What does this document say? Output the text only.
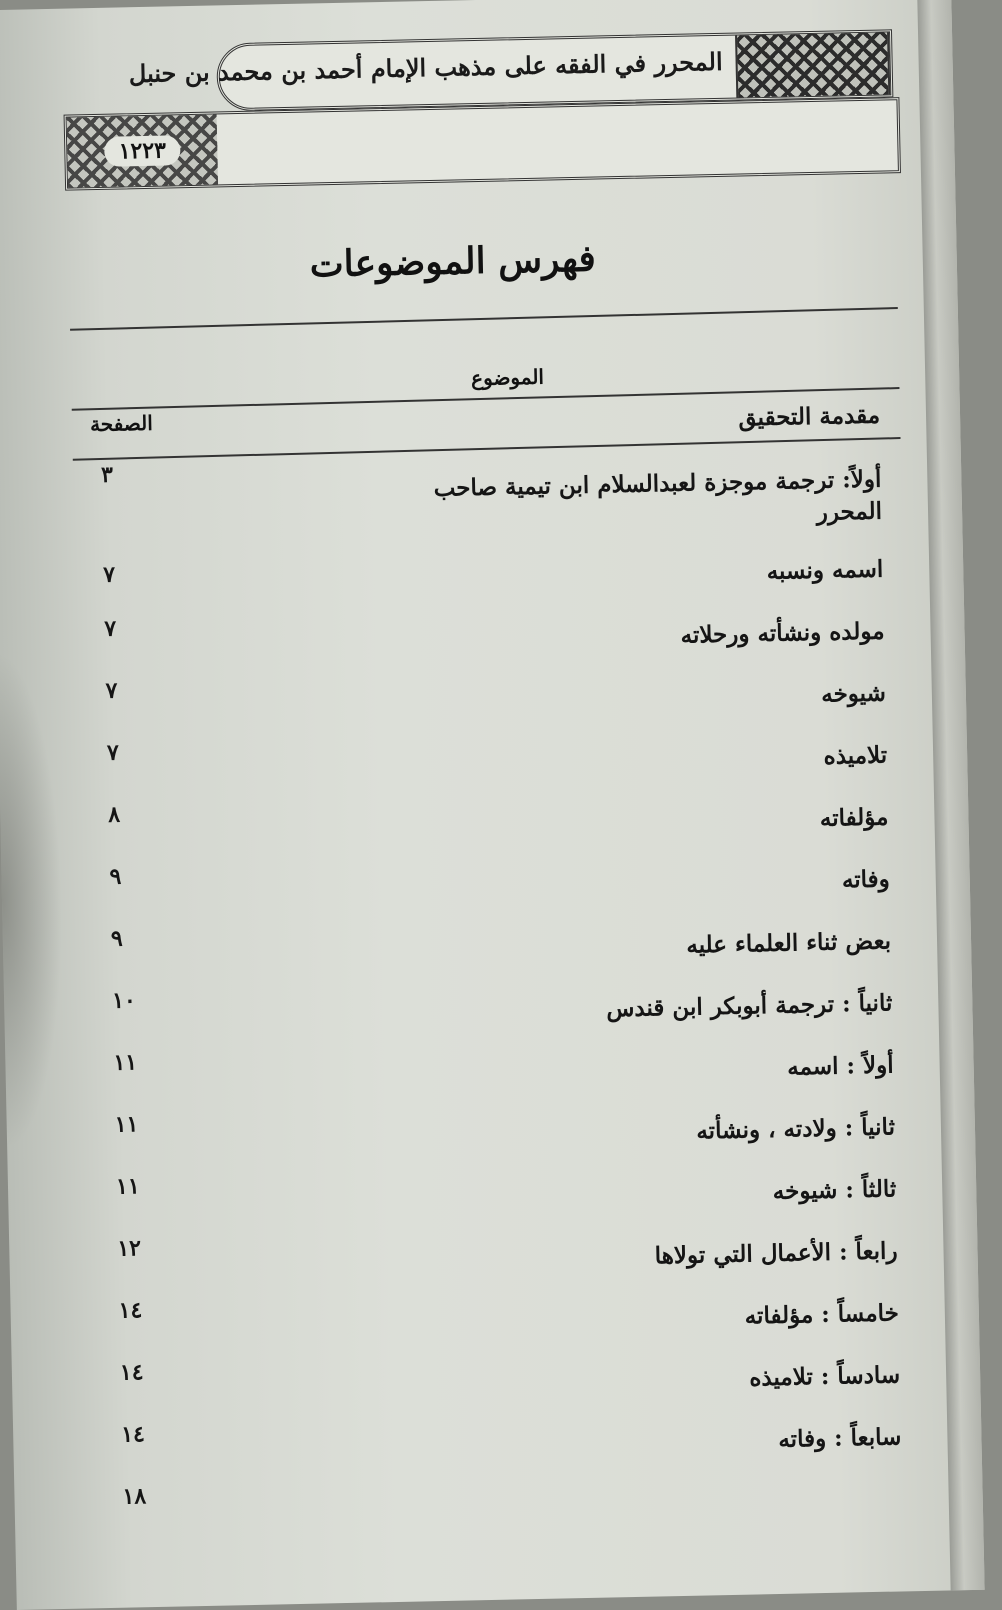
١٢٢٣
المحرر في الفقه على مذهب الإمام أحمد بن محمد بن حنبل
فهرس الموضوعات
الموضوع
الصفحة	مقدمة التحقيق
٣	أولاً: ترجمة موجزة لعبدالسلام ابن تيمية صاحب المحرر
٧	اسمه ونسبه
٧	مولده ونشأته ورحلاته
٧	شيوخه
٧	تلاميذه
٨	مؤلفاته
٩	وفاته
٩	بعض ثناء العلماء عليه
١٠	ثانياً : ترجمة أبوبكر ابن قندس
١١	أولاً : اسمه
١١	ثانياً : ولادته ، ونشأته
١١	ثالثاً : شيوخه
١٢	رابعاً : الأعمال التي تولاها
١٤	خامساً : مؤلفاته
١٤	سادساً : تلاميذه
١٤	سابعاً : وفاته
١٨
